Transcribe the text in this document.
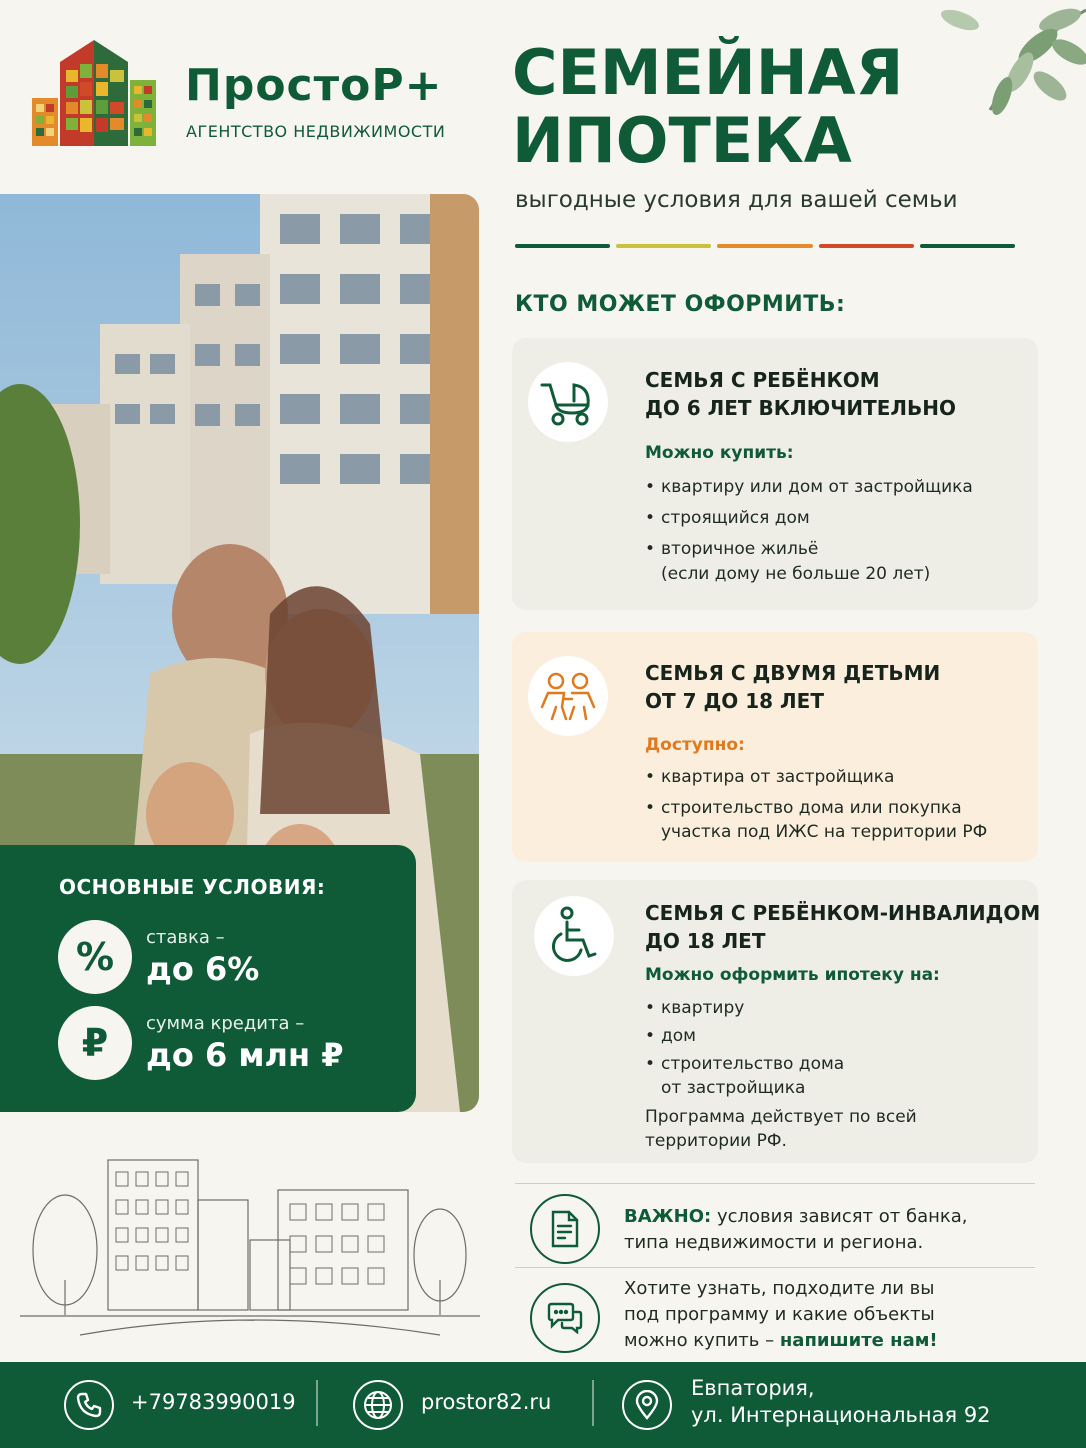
ПростоР+
АГЕНТСТВО НЕДВИЖИМОСТИ
СЕМЕЙНАЯ
ИПОТЕКА
выгодные условия для вашей семьи
ОСНОВНЫЕ УСЛОВИЯ:
%	ставка –
до 6%
₽	сумма кредита –
до 6 млн ₽
КТО МОЖЕТ ОФОРМИТЬ:
СЕМЬЯ С РЕБЁНКОМ
ДО 6 ЛЕТ ВКЛЮЧИТЕЛЬНО
Можно купить:
• квартиру или дом от застройщика
• строящийся дом
• вторичное жильё
(если дому не больше 20 лет)
СЕМЬЯ С ДВУМЯ ДЕТЬМИ
ОТ 7 ДО 18 ЛЕТ
Доступно:
• квартира от застройщика
• строительство дома или покупка
участка под ИЖС на территории РФ
СЕМЬЯ С РЕБЁНКОМ-ИНВАЛИДОМ
ДО 18 ЛЕТ
Можно оформить ипотеку на:
• квартиру
• дом
• строительство дома
от застройщика
Программа действует по всей
территории РФ.
ВАЖНО: условия зависят от банка,
типа недвижимости и региона.
Хотите узнать, подходите ли вы
под программу и какие объекты
можно купить – напишите нам!
+79783990019	prostor82.ru
Евпатория,
ул. Интернациональная 92
